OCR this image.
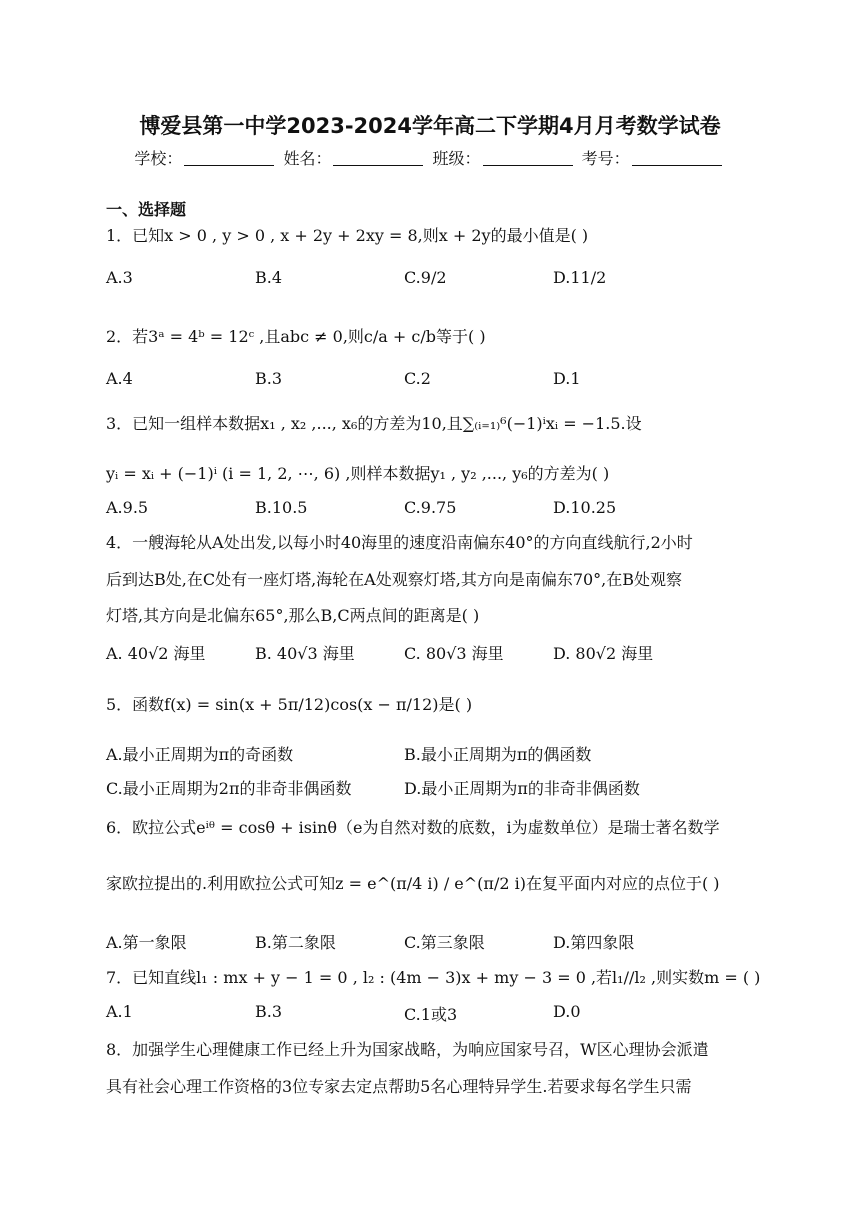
博爱县第一中学2023-2024学年高二下学期4月月考数学试卷
学校：	姓名：	班级：	考号：
一、选择题
1．已知x > 0 , y > 0 , x + 2y + 2xy = 8,则x + 2y的最小值是( )
A.3	B.4	C.9/2	D.11/2
2．若3ᵃ = 4ᵇ = 12ᶜ ,且abc ≠ 0,则c/a + c/b等于( )
A.4	B.3	C.2	D.1
3．已知一组样本数据x₁ , x₂ ,..., x₆的方差为10,且∑₍ᵢ₌₁₎⁶(−1)ⁱxᵢ = −1.5.设
yᵢ = xᵢ + (−1)ⁱ (i = 1, 2, ⋯, 6) ,则样本数据y₁ , y₂ ,..., y₆的方差为( )
A.9.5	B.10.5	C.9.75	D.10.25
4．一艘海轮从A处出发,以每小时40海里的速度沿南偏东40°的方向直线航行,2小时
后到达B处,在C处有一座灯塔,海轮在A处观察灯塔,其方向是南偏东70°,在B处观察
灯塔,其方向是北偏东65°,那么B,C两点间的距离是( )
A. 40√2 海里	B. 40√3 海里	C. 80√3 海里	D. 80√2 海里
5．函数f(x) = sin(x + 5π/12)cos(x − π/12)是( )
A.最小正周期为π的奇函数	B.最小正周期为π的偶函数
C.最小正周期为2π的非奇非偶函数	D.最小正周期为π的非奇非偶函数
6．欧拉公式eⁱᶿ = cosθ + isinθ（e为自然对数的底数，i为虚数单位）是瑞士著名数学
家欧拉提出的.利用欧拉公式可知z = e^(π/4 i) / e^(π/2 i)在复平面内对应的点位于( )
A.第一象限	B.第二象限	C.第三象限	D.第四象限
7．已知直线l₁ : mx + y − 1 = 0 , l₂ : (4m − 3)x + my − 3 = 0 ,若l₁//l₂ ,则实数m = ( )
A.1	B.3	C.1或3	D.0
8．加强学生心理健康工作已经上升为国家战略，为响应国家号召，W区心理协会派遣
具有社会心理工作资格的3位专家去定点帮助5名心理特异学生.若要求每名学生只需
